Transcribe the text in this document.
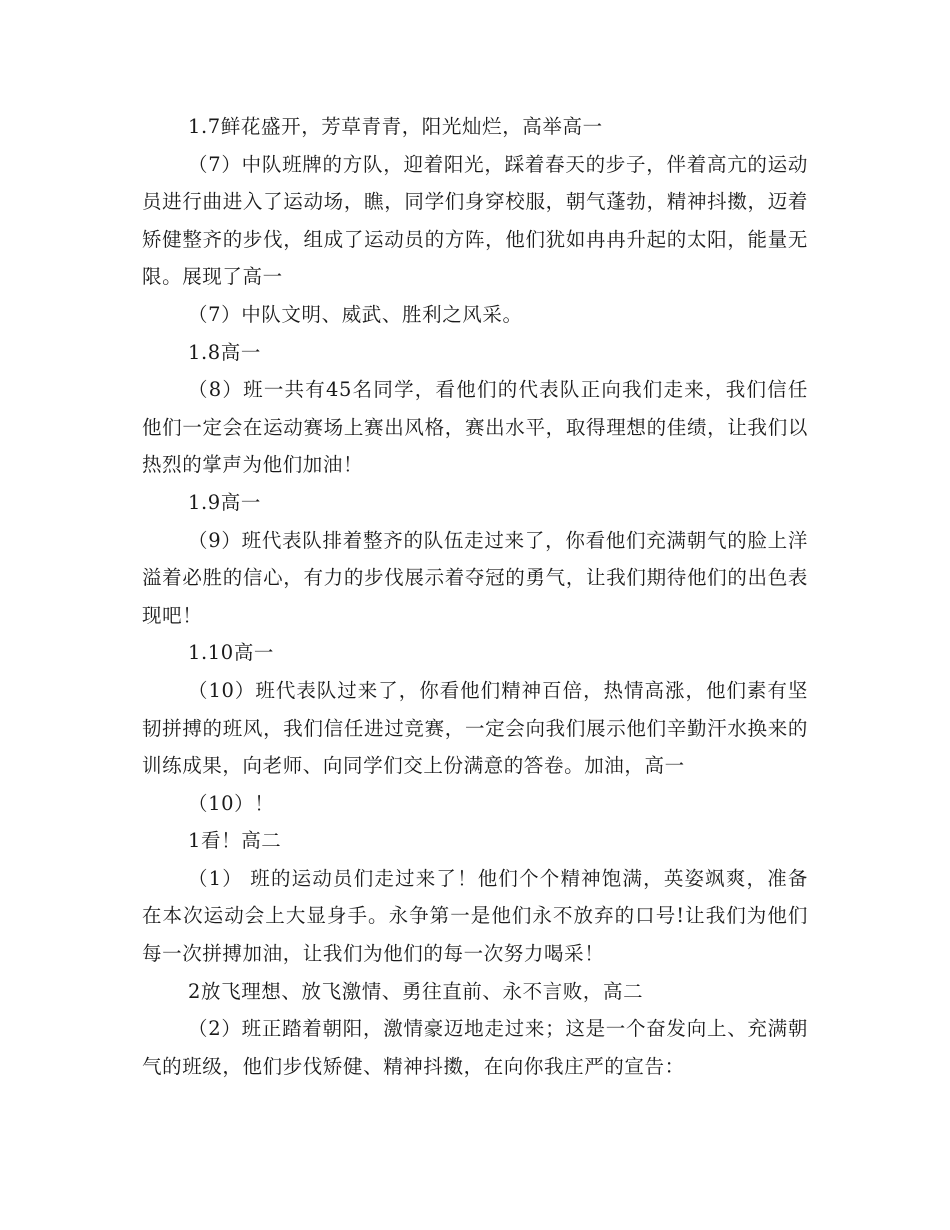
1.7鲜花盛开，芳草青青，阳光灿烂，高举高一

（7）中队班牌的方队，迎着阳光，踩着春天的步子，伴着高亢的运动员进行曲进入了运动场，瞧，同学们身穿校服，朝气蓬勃，精神抖擞，迈着矫健整齐的步伐，组成了运动员的方阵，他们犹如冉冉升起的太阳，能量无限。展现了高一

（7）中队文明、威武、胜利之风采。

1.8高一

（8）班一共有45名同学，看他们的代表队正向我们走来，我们信任他们一定会在运动赛场上赛出风格，赛出水平，取得理想的佳绩，让我们以热烈的掌声为他们加油！

1.9高一

（9）班代表队排着整齐的队伍走过来了，你看他们充满朝气的脸上洋溢着必胜的信心，有力的步伐展示着夺冠的勇气，让我们期待他们的出色表现吧！

1.10高一

（10）班代表队过来了，你看他们精神百倍，热情高涨，他们素有坚韧拼搏的班风，我们信任进过竞赛，一定会向我们展示他们辛勤汗水换来的训练成果，向老师、向同学们交上份满意的答卷。加油，高一

（10）！

1看！高二

（1） 班的运动员们走过来了！他们个个精神饱满，英姿飒爽，准备在本次运动会上大显身手。永争第一是他们永不放弃的口号!让我们为他们每一次拼搏加油，让我们为他们的每一次努力喝采！

2放飞理想、放飞激情、勇往直前、永不言败，高二

（2）班正踏着朝阳，激情豪迈地走过来；这是一个奋发向上、充满朝气的班级，他们步伐矫健、精神抖擞，在向你我庄严的宣告：
